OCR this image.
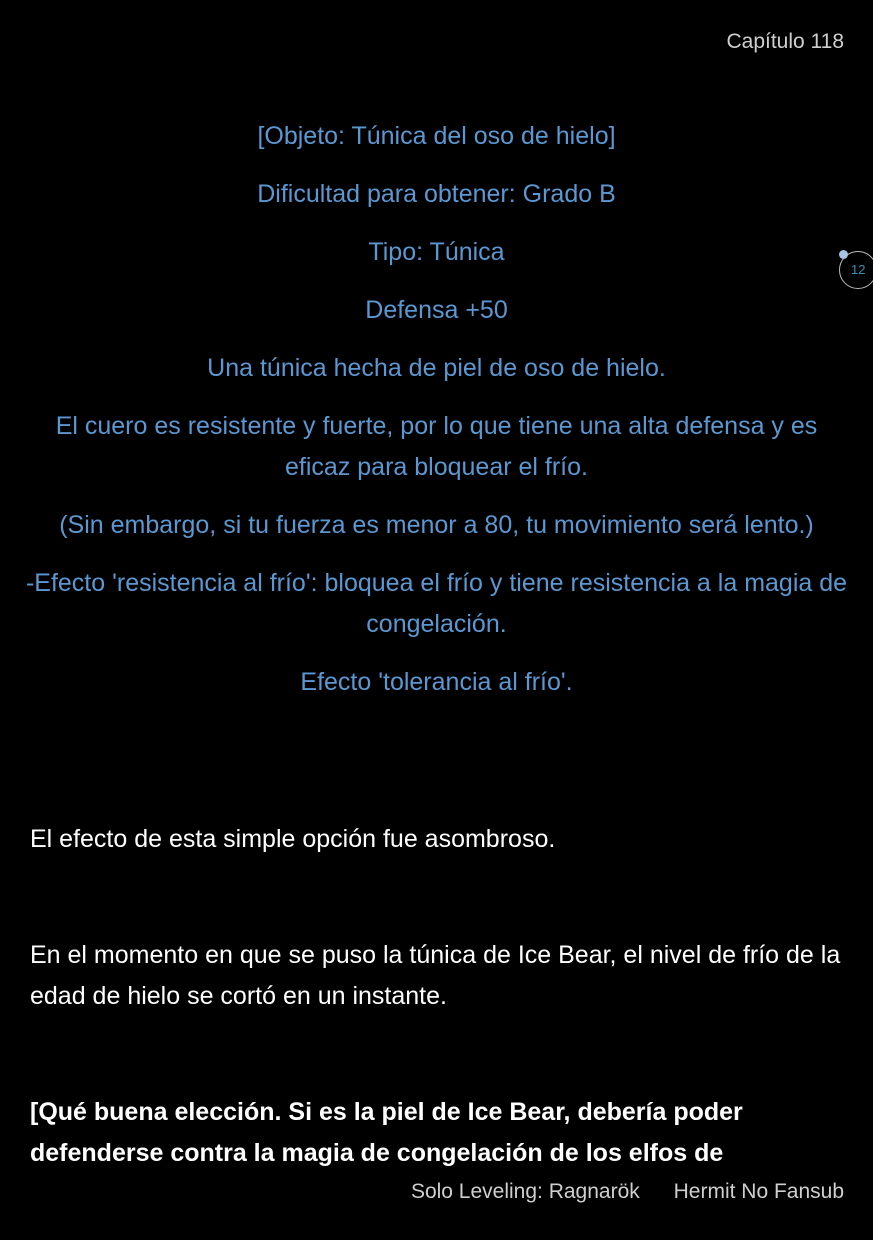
Capítulo 118
12

[Objeto: Túnica del oso de hielo]

Dificultad para obtener: Grado B

Tipo: Túnica

Defensa +50

Una túnica hecha de piel de oso de hielo.

El cuero es resistente y fuerte, por lo que tiene una alta defensa y es eficaz para bloquear el frío.

(Sin embargo, si tu fuerza es menor a 80, tu movimiento será lento.)

-Efecto 'resistencia al frío': bloquea el frío y tiene resistencia a la magia de congelación.

Efecto 'tolerancia al frío'.

El efecto de esta simple opción fue asombroso.

En el momento en que se puso la túnica de Ice Bear, el nivel de frío de la edad de hielo se cortó en un instante.

[Qué buena elección. Si es la piel de Ice Bear, debería poder defenderse contra la magia de congelación de los elfos de

Solo Leveling: Ragnarök Hermit No Fansub
